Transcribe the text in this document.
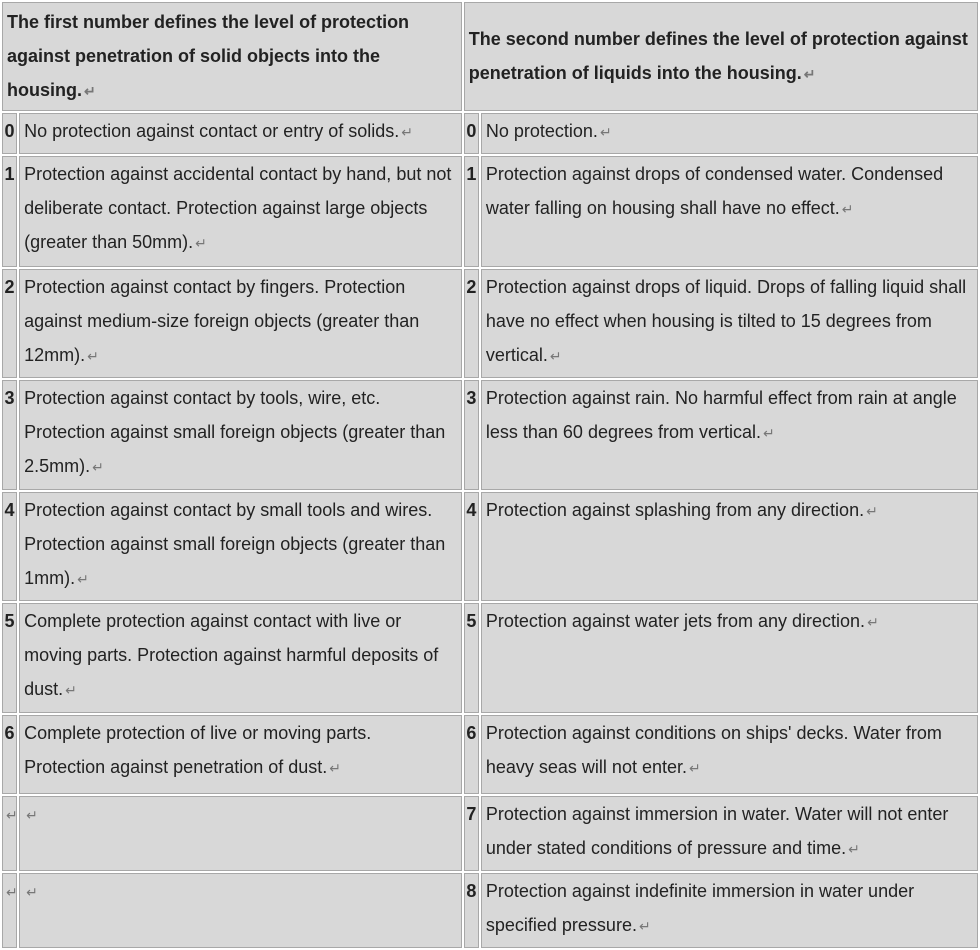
The first number defines the level of protection against penetration of solid objects into the housing. ↵		The second number defines the level of protection against penetration of liquids into the housing. ↵	
0	No protection against contact or entry of solids. ↵	0	No protection. ↵
1	Protection against accidental contact by hand, but not deliberate contact. Protection against large objects (greater than 50mm). ↵	1	Protection against drops of condensed water. Condensed water falling on housing shall have no effect. ↵
2	Protection against contact by fingers. Protection against medium-size foreign objects (greater than 12mm). ↵	2	Protection against drops of liquid. Drops of falling liquid shall have no effect when housing is tilted to 15 degrees from vertical. ↵
3	Protection against contact by tools, wire, etc. Protection against small foreign objects (greater than 2.5mm). ↵	3	Protection against rain. No harmful effect from rain at angle less than 60 degrees from vertical. ↵
4	Protection against contact by small tools and wires. Protection against small foreign objects (greater than 1mm). ↵	4	Protection against splashing from any direction. ↵
5	Complete protection against contact with live or moving parts. Protection against harmful deposits of dust. ↵	5	Protection against water jets from any direction. ↵
6	Complete protection of live or moving parts. Protection against penetration of dust. ↵	6	Protection against conditions on ships' decks. Water from heavy seas will not enter. ↵
↵	↵	7	Protection against immersion in water. Water will not enter under stated conditions of pressure and time. ↵
↵	↵	8	Protection against indefinite immersion in water under specified pressure. ↵
